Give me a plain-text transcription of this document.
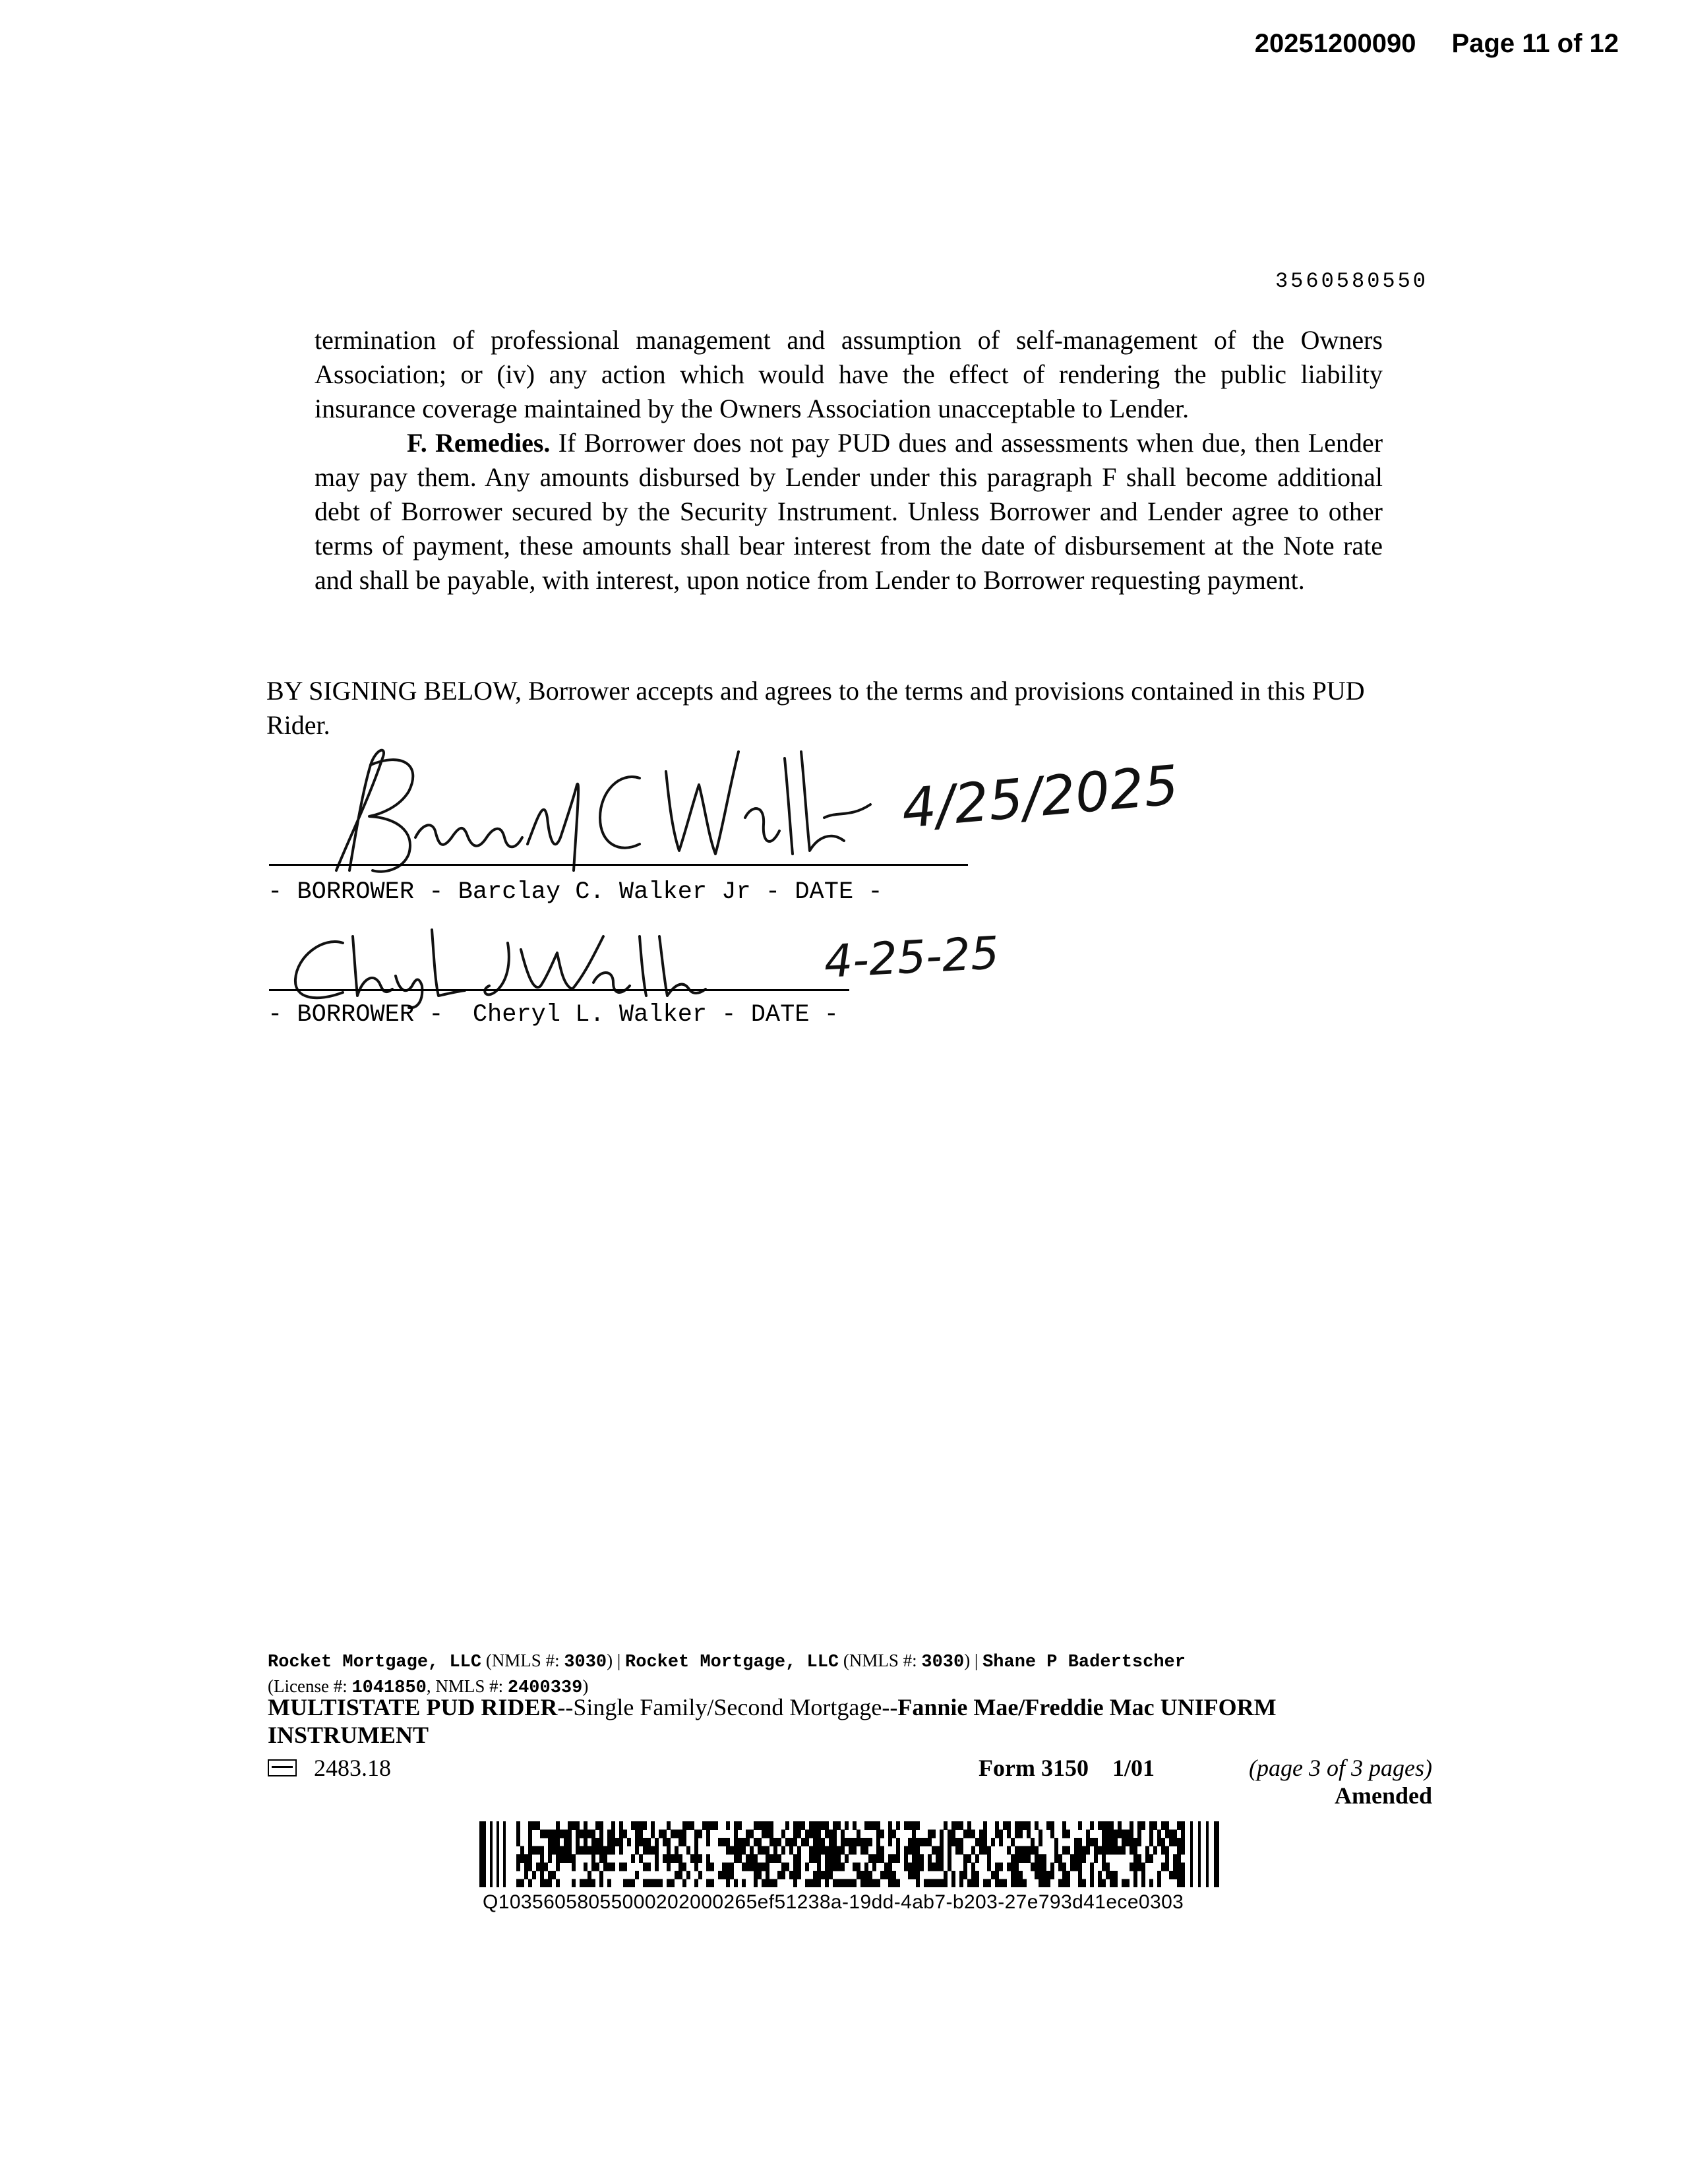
20251200090 Page 11 of 12
3560580550
termination of professional management and assumption of self-management of the Owners Association; or (iv) any action which would have the effect of rendering the public liability insurance coverage maintained by the Owners Association unacceptable to Lender.
F. Remedies. If Borrower does not pay PUD dues and assessments when due, then Lender may pay them. Any amounts disbursed by Lender under this paragraph F shall become additional debt of Borrower secured by the Security Instrument. Unless Borrower and Lender agree to other terms of payment, these amounts shall bear interest from the date of disbursement at the Note rate and shall be payable, with interest, upon notice from Lender to Borrower requesting payment.
BY SIGNING BELOW, Borrower accepts and agrees to the terms and provisions contained in this PUD Rider.
4/25/2025
- BORROWER - Barclay C. Walker Jr - DATE -
4-25-25
- BORROWER -  Cheryl L. Walker - DATE -
Rocket Mortgage, LLC (NMLS #: 3030) | Rocket Mortgage, LLC (NMLS #: 3030) | Shane P Badertscher
(License #: 1041850, NMLS #: 2400339)
MULTISTATE PUD RIDER--Single Family/Second Mortgage--Fannie Mae/Freddie Mac UNIFORM INSTRUMENT
2483.18	Form 3150    1/01	(page 3 of 3 pages)
Amended
Q10356058055000202000265ef51238a-19dd-4ab7-b203-27e793d41ece0303
